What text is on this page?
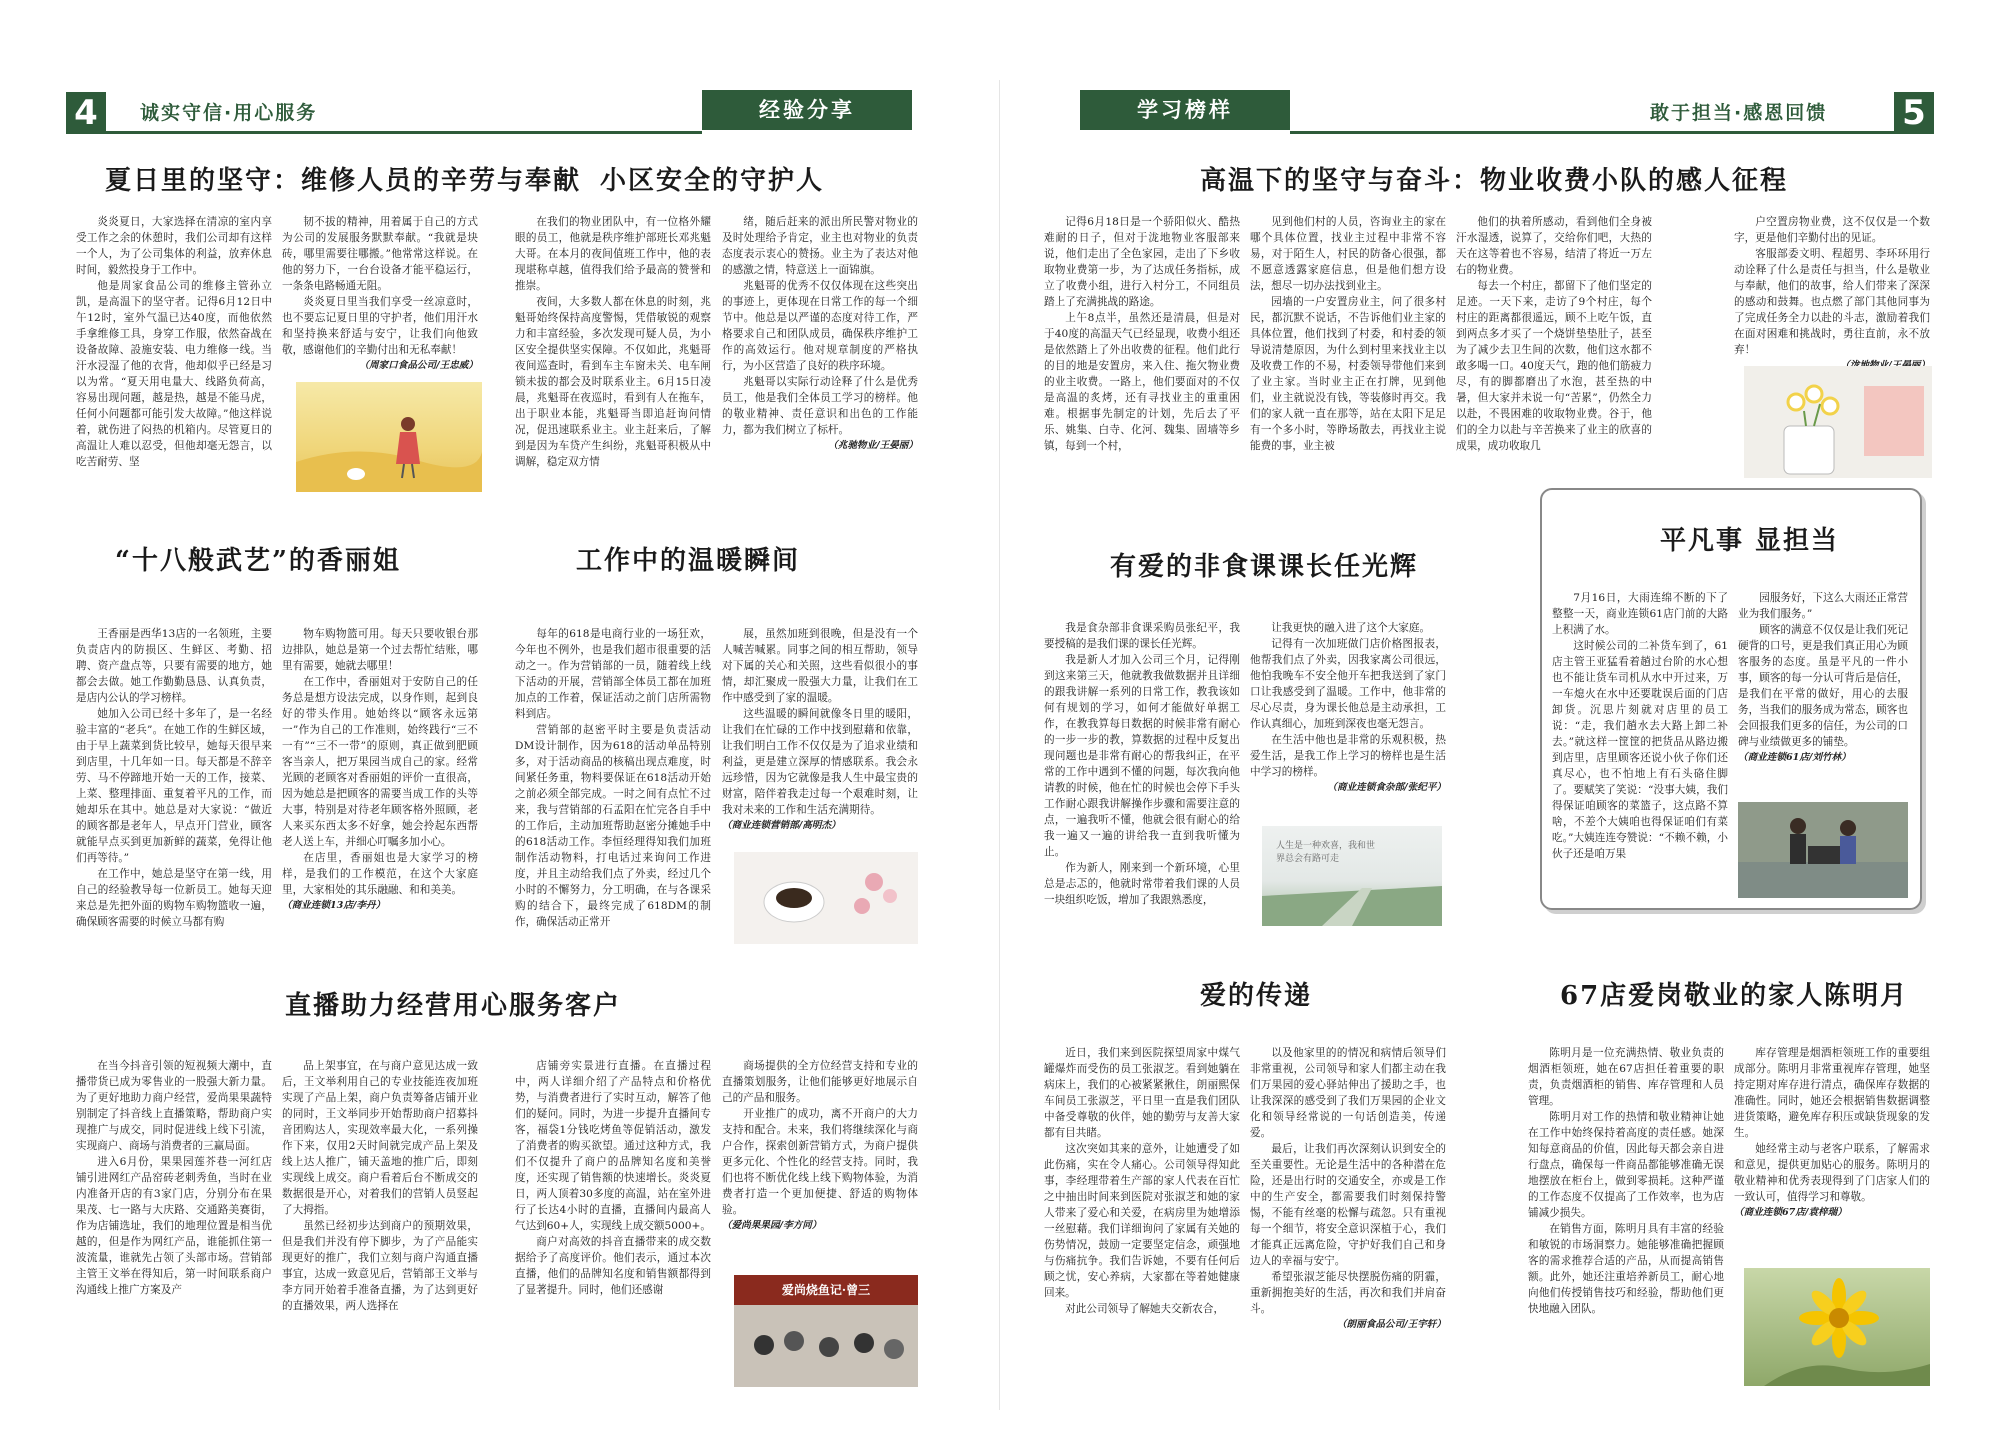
4	诚实守信·用心服务	经验分享
夏日里的坚守：维修人员的辛劳与奉献

炎炎夏日，大家选择在清凉的室内享受工作之余的休憩时，我们公司却有这样一个人，为了公司集体的利益，放弃休息时间，毅然投身于工作中。

他是周家食品公司的维修主管孙立凯，是高温下的坚守者。记得6月12日中午12时，室外气温已达40度，而他依然手拿维修工具，身穿工作服，依然奋战在设备故障、設施安装、电力维修一线。当汗水浸湿了他的衣背，他却似乎已经是习以为常。“夏天用电量大、线路负荷高，容易出现问题，越是热，越是不能马虎，任何小问题都可能引发大故障。”他这样说着，就伤进了闷热的机箱内。尽管夏日的高温让人难以忍受，但他却毫无怨言，以吃苦耐劳、坚

韧不拔的精神，用着属于自己的方式为公司的发展服务默默奉献。“我就是块砖，哪里需要往哪搬。”他常常这样说。在他的努力下，一台台设备才能平稳运行，一条条电路畅通无阻。

炎炎夏日里当我们享受一丝凉意时，也不要忘记夏日里的守护者，他们用汗水和坚持换来舒适与安宁，让我们向他致敬，感谢他们的辛勤付出和无私奉献！

（周家口食品公司/王忠威）
小区安全的守护人

在我们的物业团队中，有一位格外耀眼的员工，他就是秩序维护部班长邓兆魁大哥。在本月的夜间值班工作中，他的表现堪称卓越，值得我们给予最高的赞誉和推崇。

夜间，大多数人都在休息的时刻，兆魁哥始终保持高度警惕，凭借敏锐的观察力和丰富经验，多次发现可疑人员，为小区安全提供坚实保障。不仅如此，兆魁哥夜间巡查时，看到车主车窗未关、电车闸锁未拔的都会及时联系业主。6月15日凌晨，兆魁哥在夜巡时，看到有人在拖车，出于职业本能，兆魁哥当即追赶询问情况，促迅速联系业主。业主赶来后，了解到是因为车贷产生纠纷，兆魁哥积极从中调解，稳定双方情

绪，随后赶来的派出所民警对物业的及时处理给予肯定，业主也对物业的负责态度表示衷心的赞扬。业主为了表达对他的感激之情，特意送上一面锦旗。

兆魁哥的优秀不仅仅体现在这些突出的事迹上，更体现在日常工作的每一个细节中。他总是以严谨的态度对待工作，严格要求自己和团队成员，确保秩序维护工作的高效运行。他对规章制度的严格执行，为小区营造了良好的秩序环境。

兆魁哥以实际行动诠释了什么是优秀员工，他是我们全体员工学习的榜样。他的敬业精神、责任意识和出色的工作能力，都为我们树立了标杆。

（兆驰物业/王晏丽）
“十八般武艺”的香丽姐

王香丽是西华13店的一名领班，主要负责店内的防损区、生鲜区、考勤、招聘、资产盘点等，只要有需要的地方，她都会去做。她工作勤勤恳恳、认真负责，是店内公认的学习榜样。

她加入公司已经十多年了，是一名经验丰富的“老兵”。在她工作的生鲜区域，由于早上蔬菜到货比较早，她每天很早来到店里，十几年如一日。每天都是不辞辛劳、马不停蹄地开始一天的工作，接菜、上菜、整理排面、重复着平凡的工作，而她却乐在其中。她总是对大家说：“做近的顾客都是老年人，早点开门营业，顾客就能早点买到更加新鲜的蔬菜，免得让他们再等待。”

在工作中，她总是坚守在第一线，用自己的经验教导每一位新员工。她每天迎来总是先把外面的购物车购物篮收一遍，确保顾客需要的时候立马都有购

物车购物篮可用。每天只要收银台那边排队，她总是第一个过去帮忙结账，哪里有需要，她就去哪里！

在工作中，香丽姐对于安防自己的任务总是想方设法完成，以身作则，起到良好的带头作用。她始终以“顾客永远第一”作为自己的工作准则，始终践行“三不一有”“三不一带”的原则，真正做到肥顾客当亲人，把万果园当成自己的家。经常光顾的老顾客对香丽姐的评价一直很高，因为她总是把顾客的需要当成工作的头等大事，特别是对待老年顾客格外照顾，老人来买东西太多不好拿，她会拎起东西帮老人送上车，并细心叮嘱多加小心。

在店里，香丽姐也是大家学习的榜样，是我们的工作模范，在这个大家庭里，大家相处的其乐融融、和和美美。

（商业连锁13店/李丹）
工作中的温暖瞬间

每年的618是电商行业的一场狂欢，今年也不例外，也是我们超市很重要的活动之一。作为营销部的一员，随着线上线下活动的开展，营销部全体员工都在加班加点的工作着，保证活动之前门店所需物料到店。

营销部的赵密平时主要是负责活动DM设计制作，因为618的活动单品特别多，对于活动商品的核稿出现点难度，时间紧任务重，物料要保证在618活动开始之前必须全部完成。一时之间有点忙不过来，我与营销部的石孟阳在忙完各自手中的工作后，主动加班帮助赵密分摊她手中的618活动工作。李恒经理得知我们加班制作活动物料，打电话过来询问工作进度，并且主动给我们点了外卖，经过几个小时的不懈努力，分工明确，在与各课采购的结合下，最终完成了618DM的制作，确保活动正常开

展，虽然加班到很晚，但是没有一个人喊苦喊累。同事之间的相互帮助，领导对下属的关心和关照，这些看似很小的事情，却汇聚成一股强大力量，让我们在工作中感受到了家的温暖。

这些温暖的瞬间就像冬日里的暖阳，让我们在忙碌的工作中找到慰藉和依靠，让我们明白工作不仅仅是为了追求业绩和利益，更是建立深厚的情感联系。我会永远珍惜，因为它就像是我人生中最宝贵的财富，陪伴着我走过每一个艰难时刻，让我对未来的工作和生活充满期待。

（商业连锁营销部/高明杰）
直播助力经营用心服务客户

在当今抖音引领的短视频大潮中，直播带货已成为零售业的一股强大新力量。为了更好地助力商户经营，爱尚果果蔬特别制定了抖音线上直播策略，帮助商户实现推广与成交，同时促进线上线下引流，实现商户、商场与消费者的三赢局面。

进入6月份，果果园莲芥巷一河红店铺引进网红产品窑砖老刺秀鱼，当时在业内准备开店的有3家门店，分别分布在果果茂、七一路与大庆路、交通路美赛街，作为店铺选址，我们的地理位置是相当优越的，但是作为网红产品，谁能抓住第一波流量，谁就先占领了头部市场。营销部主管王文举在得知后，第一时间联系商户沟通线上推广方案及产

品上架事宜，在与商户意见达成一致后，王文举利用自己的专业技能连夜加班实现了产品上架，商户负责筹备店铺开业的同时，王文举同步开始帮助商户招募抖音团购达人，实现效率最大化，一系列操作下来，仅用2天时间就完成产品上架及线上达人推广，铺天盖地的推广后，即刻实现线上成交。商户看着后台不断成交的数据很是开心，对着我们的营销人员竖起了大拇指。

虽然已经初步达到商户的预期效果，但是我们并没有停下脚步，为了产品能实现更好的推广，我们立刻与商户沟通直播事宜，达成一致意见后，营销部王文举与李方同开始着手准备直播，为了达到更好的直播效果，两人选择在

店铺旁实景进行直播。在直播过程中，两人详细介绍了产品特点和价格优势，与消费者进行了实时互动，解答了他们的疑问。同时，为进一步提升直播间专客，福袋1分钱吃烤鱼等促销活动，激发了消费者的购买欲望。通过这种方式，我们不仅提升了商户的品牌知名度和美誉度，还实现了销售额的快速增长。炎炎夏日，两人顶着30多度的高温，站在室外进行了长达4小时的直播，直播间内最高人气达到60+人，实现线上成交额5000+。

商户对高效的抖音直播带来的成交数据给予了高度评价。他们表示，通过本次直播，他们的品牌知名度和销售额都得到了显著提升。同时，他们还感谢

商场提供的全方位经营支持和专业的直播策划服务，让他们能够更好地展示自己的产品和服务。

开业推广的成功，离不开商户的大力支持和配合。未来，我们将继续深化与商户合作，探索创新营销方式，为商户提供更多元化、个性化的经营支持。同时，我们也将不断优化线上线下购物体验，为消费者打造一个更加便捷、舒适的购物体验。

（爱尚果果园/李方同）
爱尚烧鱼记·曾三
学习榜样	敢于担当·感恩回馈 5
高温下的坚守与奋斗：物业收费小队的感人征程

记得6月18日是一个骄阳似火、酷热难耐的日子，但对于泷地物业客服部来说，他们走出了全色家园，走出了下乡收取物业费第一步，为了达成任务指标，成立了收费小组，进行入村分工，不同组员踏上了充满挑战的路途。

上午8点半，虽然还是清晨，但是对于40度的高温天气已经显现，收费小组还是依然踏上了外出收费的征程。他们此行的目的地是安置房，来入住、拖欠物业费的业主收费。一路上，他们要面对的不仅是高温的炙烤，还有寻找业主的重重困难。根据事先制定的计划，先后去了平乐、姚集、白寺、化河、魏集、固墙等乡镇，每到一个村，

见到他们村的人员，咨询业主的家在哪个具体位置，找业主过程中非常不容易，对于陌生人，村民的防备心很强，都不愿意透露家庭信息，但是他们想方设法，想尽一切办法找到业主。

园墙的一户安置房业主，问了很多村民，都沉默不说话，不告诉他们业主家的具体位置，他们找到了村委，和村委的领导说清楚原因，为什么到村里来找业主以及收费工作的不易，村委领导带他们来到了业主家。当时业主正在打牌，见到他们，业主就说没有钱，等装修时再交。我们的家人就一直在那等，站在太阳下足足有一个多小时，等睁场散去，再找业主说能费的事，业主被

他们的执着所感动，看到他们全身被汗水湿透，说算了，交给你们吧，大热的天在这等着也不容易，结清了将近一万左右的物业费。

每去一个村庄，都留下了他们坚定的足迹。一天下来，走访了9个村庄，每个村庄的距离都很遥远，顾不上吃午饭，直到两点多才买了一个烧饼垫垫肚子，甚至为了减少去卫生间的次数，他们这水都不敢多喝一口。40度天气，跑的他们筋疲力尽，有的脚都磨出了水泡，甚至热的中暑，但大家并未说一句“苦累”，仍然全力以赴，不畏困难的收取物业费。谷于，他们的全力以赴与辛苦换来了业主的欣喜的成果，成功收取几

户空置房物业费，这不仅仅是一个数字，更是他们辛勤付出的见证。

客服部委文明、程超男、李环环用行动诠释了什么是责任与担当，什么是敬业与奉献，他们的故事，给人们带来了深深的感动和鼓舞。也点燃了部门其他同事为了完成任务全力以赴的斗志，激励着我们在面对困难和挑战时，勇往直前，永不放弃！

平凡事 显担当

7月16日，大雨连绵不断的下了整整一天，商业连锁61店门前的大路上积满了水。

这时候公司的二补货车到了，61店主管王亚猛看着趟过台阶的水心想也不能让货车司机从水中开过来，万一车熄火在水中还要耽误后面的门店卸货。沉思片刻就对店里的员工说：“走，我们趟水去大路上卸二补去。”就这样一筐筐的把货品从路边搬到店里，店里顾客还说小伙子你们还真尽心，也不怕地上有石头硌住脚了。要赋笑了笑说：“没事大姨，我们得保证咱顾客的菜篮子，这点路不算啥，不差个大姨咱也得保证咱们有菜吃。”大姨连连夸赞说：“不赖不赖，小伙子还是咱万果

园服务好，下这么大雨还正常营业为我们服务。”

顾客的满意不仅仅是让我们死记硬背的口号，更是我们真正用心为顾客服务的态度。虽是平凡的一件小事，顾客的每一分认可背后是信任，是我们在平常的做好，用心的去服务，当我们的服务成为常态，顾客也会回报我们更多的信任，为公司的口碑与业绩做更多的铺垫。

（商业连锁61店/刘竹林）
有爱的非食课课长任光辉

我是食杂部非食课采购员张纪平，我要授稿的是我们课的课长任光辉。

我是新人才加入公司三个月，记得刚到这来第三天，他就教我做数据并且详细的跟我讲解一系列的日常工作，教我该如何有规划的学习，如何才能做好单据工作，在教我算每日数据的时候非常有耐心的一步一步的教，算数据的过程中反复出现问题也是非常有耐心的帮我纠正，在平常的工作中遇到不懂的问题，每次我向他请教的时候，他在忙的时候也会停下手头工作耐心跟我讲解操作步骤和需要注意的点，一遍我听不懂，他就会很有耐心的给我一遍又一遍的讲给我一直到我听懂为止。

作为新人，刚来到一个新环境，心里总是忐忑的，他就时常带着我们课的人员一块组织吃饭，增加了我跟熟悉度，

让我更快的融入进了这个大家庭。

记得有一次加班做门店价格图报表，他帮我们点了外卖，因我家离公司很远，他怕我晚车不安全他开车把我送到了家门口让我感受到了温暖。工作中，他非常的尽心尽责，身为课长他总是主动承担，工作认真细心，加班到深夜也毫无怨言。

在生活中他也是非常的乐观积极，热爱生活，是我工作上学习的榜样也是生活中学习的榜样。

（商业连锁食杂部/张纪平）
人生是一种欢喜，我和世界总会有路可走
爱的传递

近日，我们来到医院探望周家中煤气罐爆炸而受伤的员工张淑芝。看到她躺在病床上，我们的心被紧紧揪住，朗丽熙保车间员工张淑芝，平日里一直是我们团队中备受尊敬的伙伴，她的勤劳与友善大家都有目共睹。

这次突如其来的意外，让她遭受了如此伤痛，实在令人痛心。公司领导得知此事，李经理带着生产部的家人代表在百忙之中抽出时间来到医院对张淑芝和她的家人带来了爱心和关爱，在病房里为她增添一丝慰藉。我们详细询问了家属有关她的伤势情况，鼓励一定要坚定信念，顽强地与伤痛抗争。我们告诉她，不要有任何后顾之忧，安心养病，大家都在等着她健康回来。

对此公司领导了解她夫交新农合，

以及他家里的的情况和病情后领导们非常重视，公司领导和家人们都主动在我们万果园的爱心驿站伸出了援助之手，也让我深深的感受到了我们万果园的企业文化和领导经常说的一句话创造美，传递爱。

最后，让我们再次深刻认识到安全的至关重要性。无论是生活中的各种潜在危险，还是出行时的交通安全，亦或是工作中的生产安全，都需要我们时刻保持警惕，不能有丝毫的松懈与疏忽。只有重视每一个细节，将安全意识深植于心，我们才能真正远离危险，守护好我们自己和身边人的幸福与安宁。

希望张淑芝能尽快摆脱伤痛的阴霾，重新拥抱美好的生活，再次和我们并肩奋斗。

（朗丽食品公司/王宇轩）
67店爱岗敬业的家人陈明月

陈明月是一位充满热情、敬业负责的烟酒柜领班，她在67店担任着重要的职责，负责烟酒柜的销售、库存管理和人员管理。

陈明月对工作的热情和敬业精神让她在工作中始终保持着高度的责任感。她深知每意商品的价值，因此每天都会亲自进行盘点，确保每一件商品都能够准确无误地摆放在柜台上，做到零损耗。这种严谨的工作态度不仅提高了工作效率，也为店铺减少损失。

在销售方面，陈明月具有丰富的经验和敏锐的市场洞察力。她能够准确把握顾客的需求推荐合适的产品，从而提高销售额。此外，她还注重培养新员工，耐心地向他们传授销售技巧和经验，帮助他们更快地融入团队。

库存管理是烟酒柜领班工作的重要组成部分。陈明月非常重视库存管理，她坚持定期对库存进行清点，确保库存数据的准确性。同时，她还会根据销售数据调整进货策略，避免库存积压或缺货现象的发生。

她经常主动与老客户联系，了解需求和意见，提供更加贴心的服务。陈明月的敬业精神和优秀表现得到了门店家人们的一致认可，值得学习和尊敬。

（商业连锁67店/袁梓瑞）
